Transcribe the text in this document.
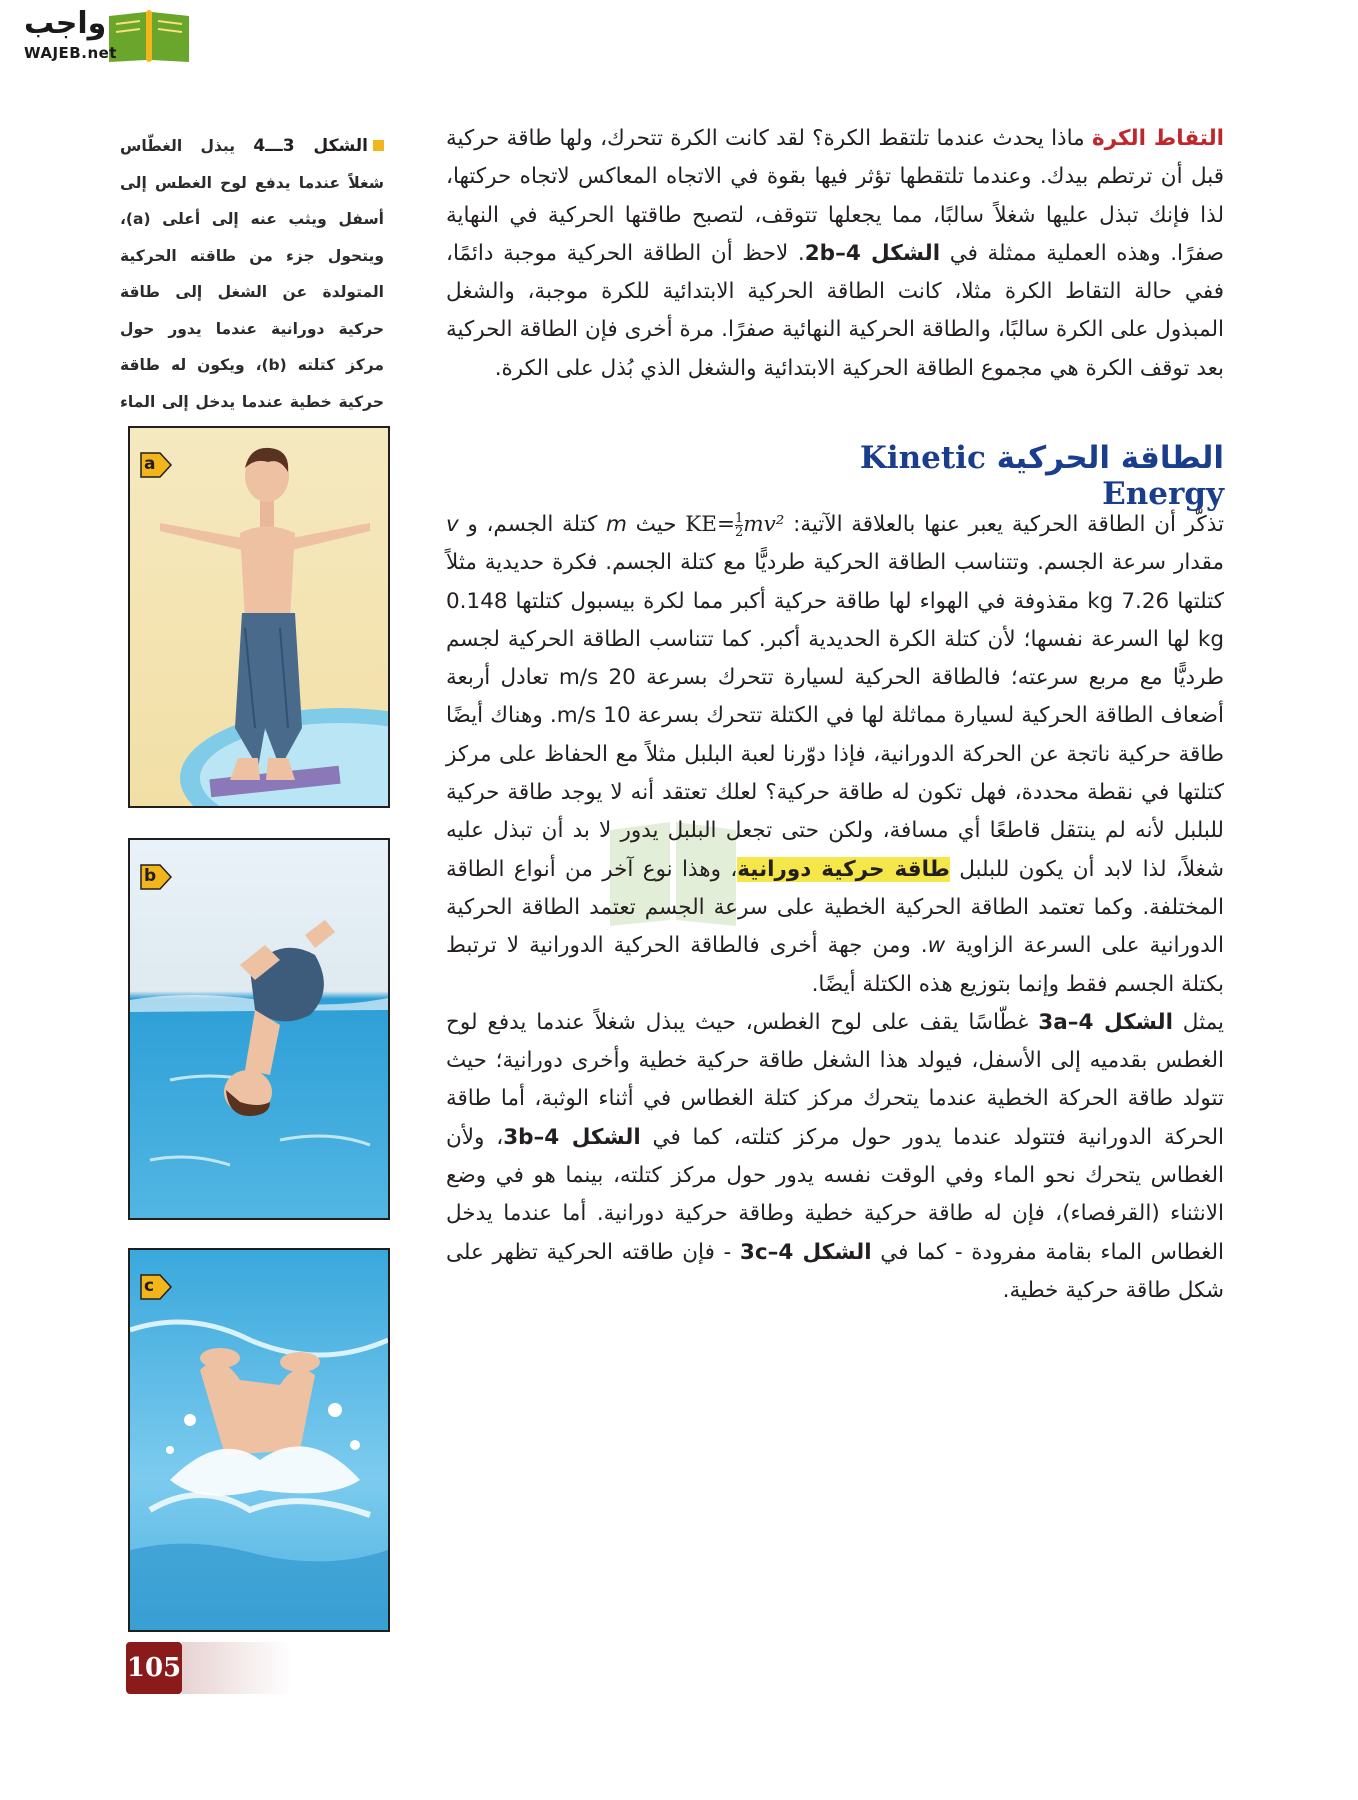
واجب
WAJEB.net
الشكل 3ـــ4 يبذل الغطّاس شغلاً عندما يدفع لوح الغطس إلى أسفل ويثب عنه إلى أعلى (a)، ويتحول جزء من طاقته الحركية المتولدة عن الشغل إلى طاقة حركية دورانية عندما يدور حول مركز كتلته (b)، ويكون له طاقة حركية خطية عندما يدخل إلى الماء
a
b
c

التقاط الكرة ماذا يحدث عندما تلتقط الكرة؟ لقد كانت الكرة تتحرك، ولها طاقة حركية قبل أن ترتطم بيدك. وعندما تلتقطها تؤثر فيها بقوة في الاتجاه المعاكس لاتجاه حركتها، لذا فإنك تبذل عليها شغلاً سالبًا، مما يجعلها تتوقف، لتصبح طاقتها الحركية في النهاية صفرًا. وهذه العملية ممثلة في الشكل 2b–4. لاحظ أن الطاقة الحركية موجبة دائمًا، ففي حالة التقاط الكرة مثلا، كانت الطاقة الحركية الابتدائية للكرة موجبة، والشغل المبذول على الكرة سالبًا، والطاقة الحركية النهائية صفرًا. مرة أخرى فإن الطاقة الحركية بعد توقف الكرة هي مجموع الطاقة الحركية الابتدائية والشغل الذي بُذل على الكرة.

الطاقة الحركية Kinetic Energy

تذكّر أن الطاقة الحركية يعبر عنها بالعلاقة الآتية: $KE= \frac{1}{2} mv^2$ حيث m كتلة الجسم، و v مقدار سرعة الجسم. وتتناسب الطاقة الحركية طرديًّا مع كتلة الجسم. فكرة حديدية مثلاً كتلتها 7.26 kg مقذوفة في الهواء لها طاقة حركية أكبر مما لكرة بيسبول كتلتها 0.148 kg لها السرعة نفسها؛ لأن كتلة الكرة الحديدية أكبر. كما تتناسب الطاقة الحركية لجسم طرديًّا مع مربع سرعته؛ فالطاقة الحركية لسيارة تتحرك بسرعة 20 m/s تعادل أربعة أضعاف الطاقة الحركية لسيارة مماثلة لها في الكتلة تتحرك بسرعة 10 m/s. وهناك أيضًا طاقة حركية ناتجة عن الحركة الدورانية، فإذا دوّرنا لعبة البلبل مثلاً مع الحفاظ على مركز كتلتها في نقطة محددة، فهل تكون له طاقة حركية؟ لعلك تعتقد أنه لا يوجد طاقة حركية للبلبل لأنه لم ينتقل قاطعًا أي مسافة، ولكن حتى تجعل البلبل يدور لا بد أن تبذل عليه شغلاً، لذا لابد أن يكون للبلبل طاقة حركية دورانية، وهذا نوع آخر من أنواع الطاقة المختلفة. وكما تعتمد الطاقة الحركية الخطية على سرعة الجسم تعتمد الطاقة الحركية الدورانية على السرعة الزاوية w. ومن جهة أخرى فالطاقة الحركية الدورانية لا ترتبط بكتلة الجسم فقط وإنما بتوزيع هذه الكتلة أيضًا.

يمثل الشكل 3a–4 غطّاسًا يقف على لوح الغطس، حيث يبذل شغلاً عندما يدفع لوح الغطس بقدميه إلى الأسفل، فيولد هذا الشغل طاقة حركية خطية وأخرى دورانية؛ حيث تتولد طاقة الحركة الخطية عندما يتحرك مركز كتلة الغطاس في أثناء الوثبة، أما طاقة الحركة الدورانية فتتولد عندما يدور حول مركز كتلته، كما في الشكل 3b–4، ولأن الغطاس يتحرك نحو الماء وفي الوقت نفسه يدور حول مركز كتلته، بينما هو في وضع الانثناء (القرفصاء)، فإن له طاقة حركية خطية وطاقة حركية دورانية. أما عندما يدخل الغطاس الماء بقامة مفرودة - كما في الشكل 3c–4 - فإن طاقته الحركية تظهر على شكل طاقة حركية خطية.

105
